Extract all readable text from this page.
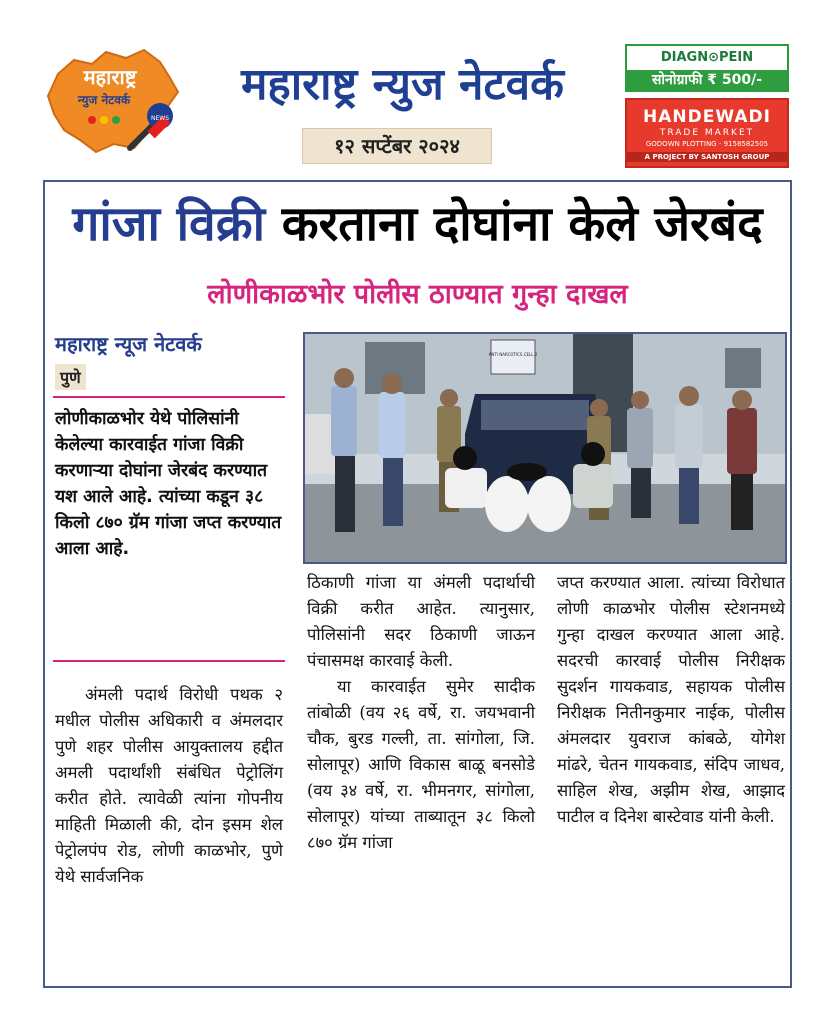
महाराष्ट्र
न्युज नेटवर्क
NEWS
महाराष्ट्र न्युज नेटवर्क
१२ सप्टेंबर २०२४
DIAGN⊙PEIN
सोनोग्राफी ₹ 500/-
HANDEWADI
TRADE MARKET
GODOWN PLOTTING - 9158582505
A PROJECT BY SANTOSH GROUP
गांजा विक्री करताना दोघांना केले जेरबंद
लोणीकाळभोर पोलीस ठाण्यात गुन्हा दाखल
महाराष्ट्र न्यूज नेटवर्क
पुणे
लोणीकाळभोर येथे पोलिसांनी केलेल्या कारवाईत गांजा विक्री करणाऱ्या दोघांना जेरबंद करण्यात यश आले आहे. त्यांच्या कडून ३८ किलो ८७० ग्रॅम गांजा जप्त करण्यात आला आहे.
ANTI NARCOTICS CELL 2

अंमली पदार्थ विरोधी पथक २ मधील पोलीस अधिकारी व अंमलदार पुणे शहर पोलीस आयुक्तालय हद्दीत अमली पदार्थांशी संबंधित पेट्रोलिंग करीत होते. त्यावेळी त्यांना गोपनीय माहिती मिळाली की, दोन इसम शेल पेट्रोलपंप रोड, लोणी काळभोर, पुणे येथे सार्वजनिक

ठिकाणी गांजा या अंमली पदार्थाची विक्री करीत आहेत. त्यानुसार, पोलिसांनी सदर ठिकाणी जाऊन पंचासमक्ष कारवाई केली.

या कारवाईत सुमेर सादीक तांबोळी (वय २६ वर्षे, रा. जयभवानी चौक, बुरड गल्ली, ता. सांगोला, जि. सोलापूर) आणि विकास बाळू बनसोडे (वय ३४ वर्षे, रा. भीमनगर, सांगोला, सोलापूर) यांच्या ताब्यातून ३८ किलो ८७० ग्रॅम गांजा

जप्त करण्यात आला. त्यांच्या विरोधात लोणी काळभोर पोलीस स्टेशनमध्ये गुन्हा दाखल करण्यात आला आहे. सदरची कारवाई पोलीस निरीक्षक सुदर्शन गायकवाड, सहायक पोलीस निरीक्षक नितीनकुमार नाईक, पोलीस अंमलदार युवराज कांबळे, योगेश मांढरे, चेतन गायकवाड, संदिप जाधव, साहिल शेख, अझीम शेख, आझाद पाटील व दिनेश बास्टेवाड यांनी केली.
